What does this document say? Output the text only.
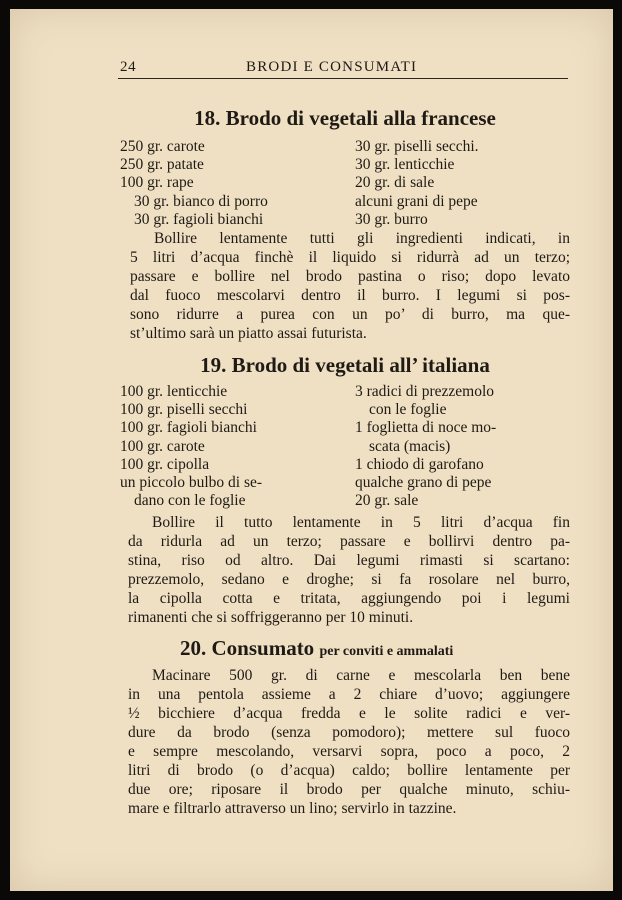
24	BRODI E CONSUMATI
18. Brodo di vegetali alla francese
250 gr. carote
250 gr. patate
100 gr. rape
30 gr. bianco di porro
30 gr. fagioli bianchi
30 gr. piselli secchi.
30 gr. lenticchie
20 gr. di sale
alcuni grani di pepe
30 gr. burro
Bollire lentamente tutti gli ingredienti indicati, in
5 litri d’acqua finchè il liquido si ridurrà ad un terzo;
passare e bollire nel brodo pastina o riso; dopo levato
dal fuoco mescolarvi dentro il burro. I legumi si pos-
sono ridurre a purea con un po’ di burro, ma que-
st’ultimo sarà un piatto assai futurista.
19. Brodo di vegetali all’ italiana
100 gr. lenticchie
100 gr. piselli secchi
100 gr. fagioli bianchi
100 gr. carote
100 gr. cipolla
un piccolo bulbo di se-
dano con le foglie
3 radici di prezzemolo
con le foglie
1 foglietta di noce mo-
scata (macis)
1 chiodo di garofano
qualche grano di pepe
20 gr. sale
Bollire il tutto lentamente in 5 litri d’acqua fin
da ridurla ad un terzo; passare e bollirvi dentro pa-
stina, riso od altro. Dai legumi rimasti si scartano:
prezzemolo, sedano e droghe; si fa rosolare nel burro,
la cipolla cotta e tritata, aggiungendo poi i legumi
rimanenti che si soffriggeranno per 10 minuti.
20. Consumato per conviti e ammalati
Macinare 500 gr. di carne e mescolarla ben bene
in una pentola assieme a 2 chiare d’uovo; aggiungere
½ bicchiere d’acqua fredda e le solite radici e ver-
dure da brodo (senza pomodoro); mettere sul fuoco
e sempre mescolando, versarvi sopra, poco a poco, 2
litri di brodo (o d’acqua) caldo; bollire lentamente per
due ore; riposare il brodo per qualche minuto, schiu-
mare e filtrarlo attraverso un lino; servirlo in tazzine.
